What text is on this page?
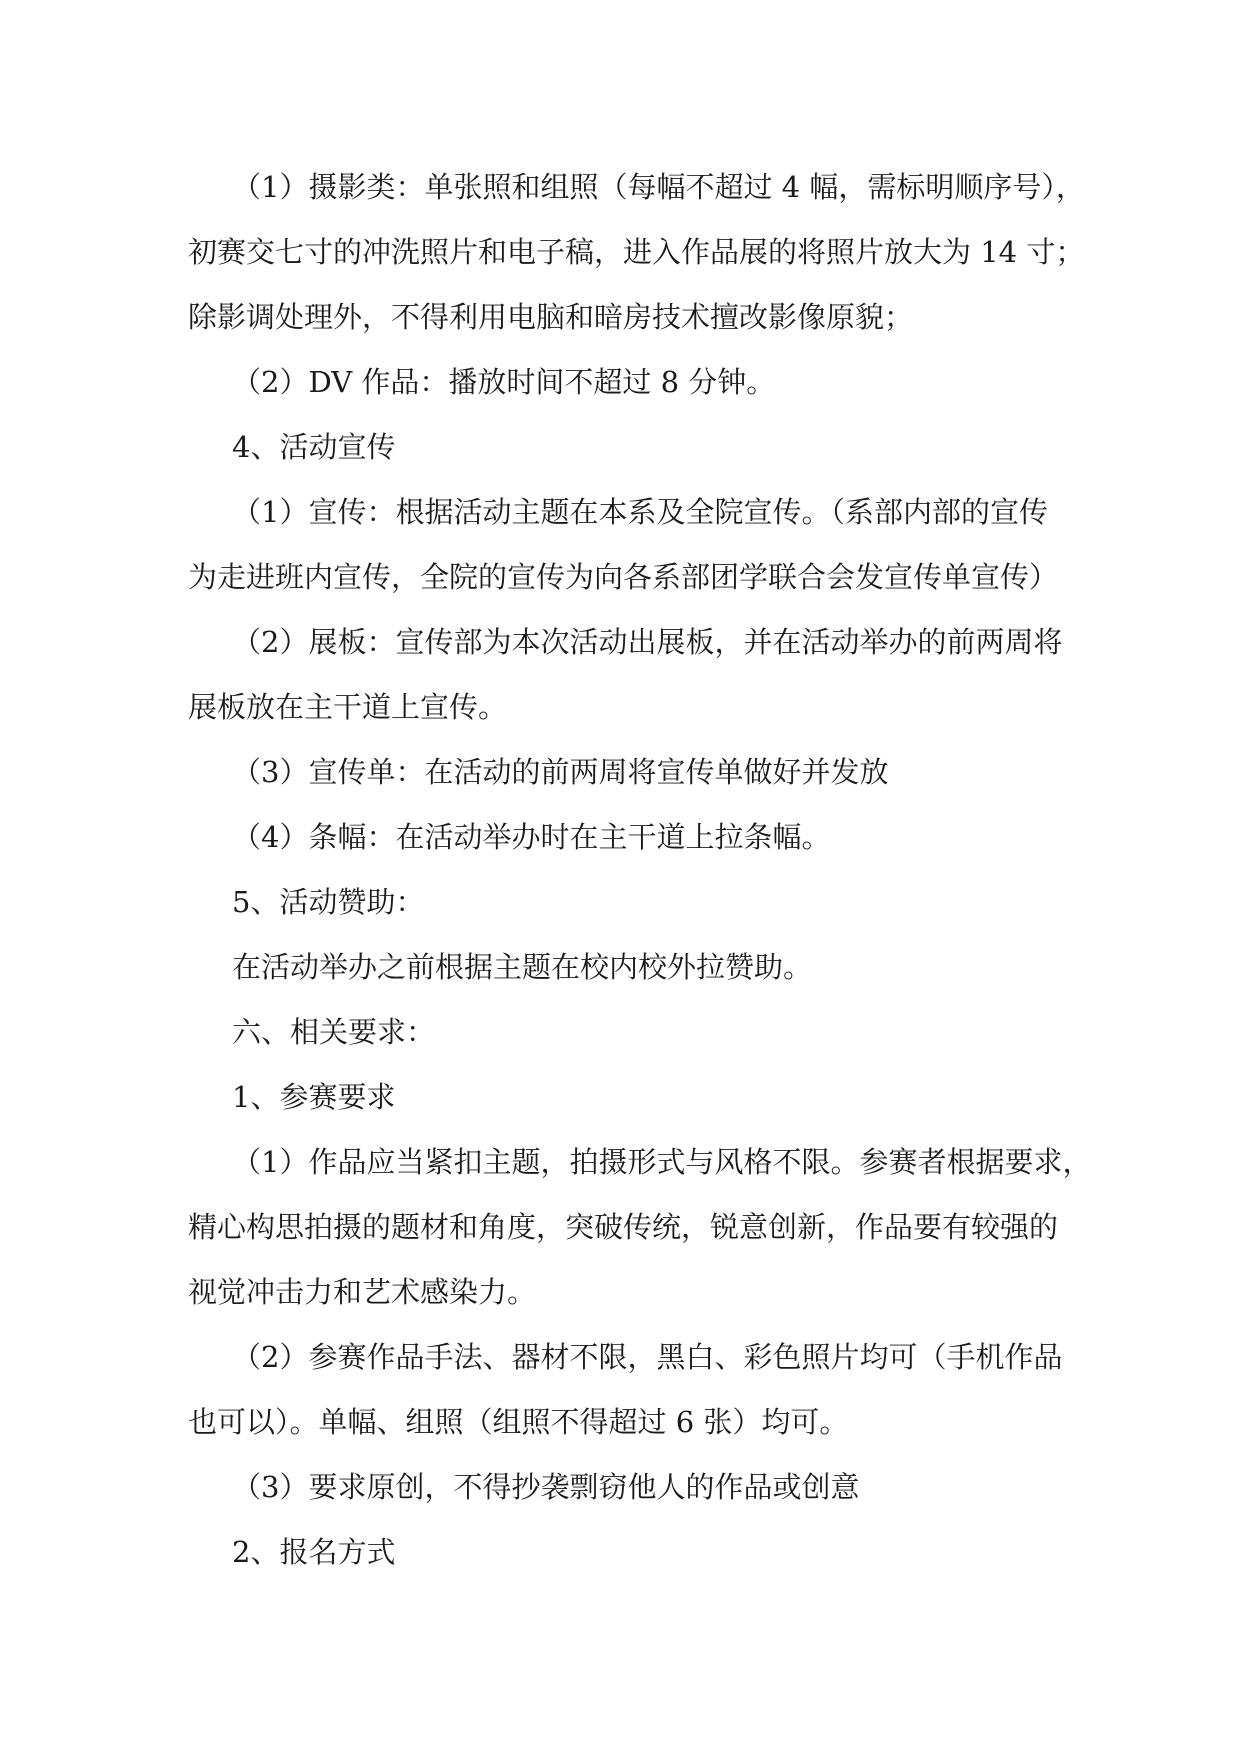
（1）摄影类：单张照和组照（每幅不超过 4 幅，需标明顺序号），
初赛交七寸的冲洗照片和电子稿，进入作品展的将照片放大为 14 寸；
除影调处理外，不得利用电脑和暗房技术擅改影像原貌；
（2）DV 作品：播放时间不超过 8 分钟。
4、活动宣传
（1）宣传：根据活动主题在本系及全院宣传。（系部内部的宣传
为走进班内宣传，全院的宣传为向各系部团学联合会发宣传单宣传）
（2）展板：宣传部为本次活动出展板，并在活动举办的前两周将
展板放在主干道上宣传。
（3）宣传单：在活动的前两周将宣传单做好并发放
（4）条幅：在活动举办时在主干道上拉条幅。
5、活动赞助：
在活动举办之前根据主题在校内校外拉赞助。
六、相关要求：
1、参赛要求
（1）作品应当紧扣主题，拍摄形式与风格不限。参赛者根据要求，
精心构思拍摄的题材和角度，突破传统，锐意创新，作品要有较强的
视觉冲击力和艺术感染力。
（2）参赛作品手法、器材不限，黑白、彩色照片均可（手机作品
也可以）。单幅、组照（组照不得超过 6 张）均可。
（3）要求原创，不得抄袭剽窃他人的作品或创意
2、报名方式
